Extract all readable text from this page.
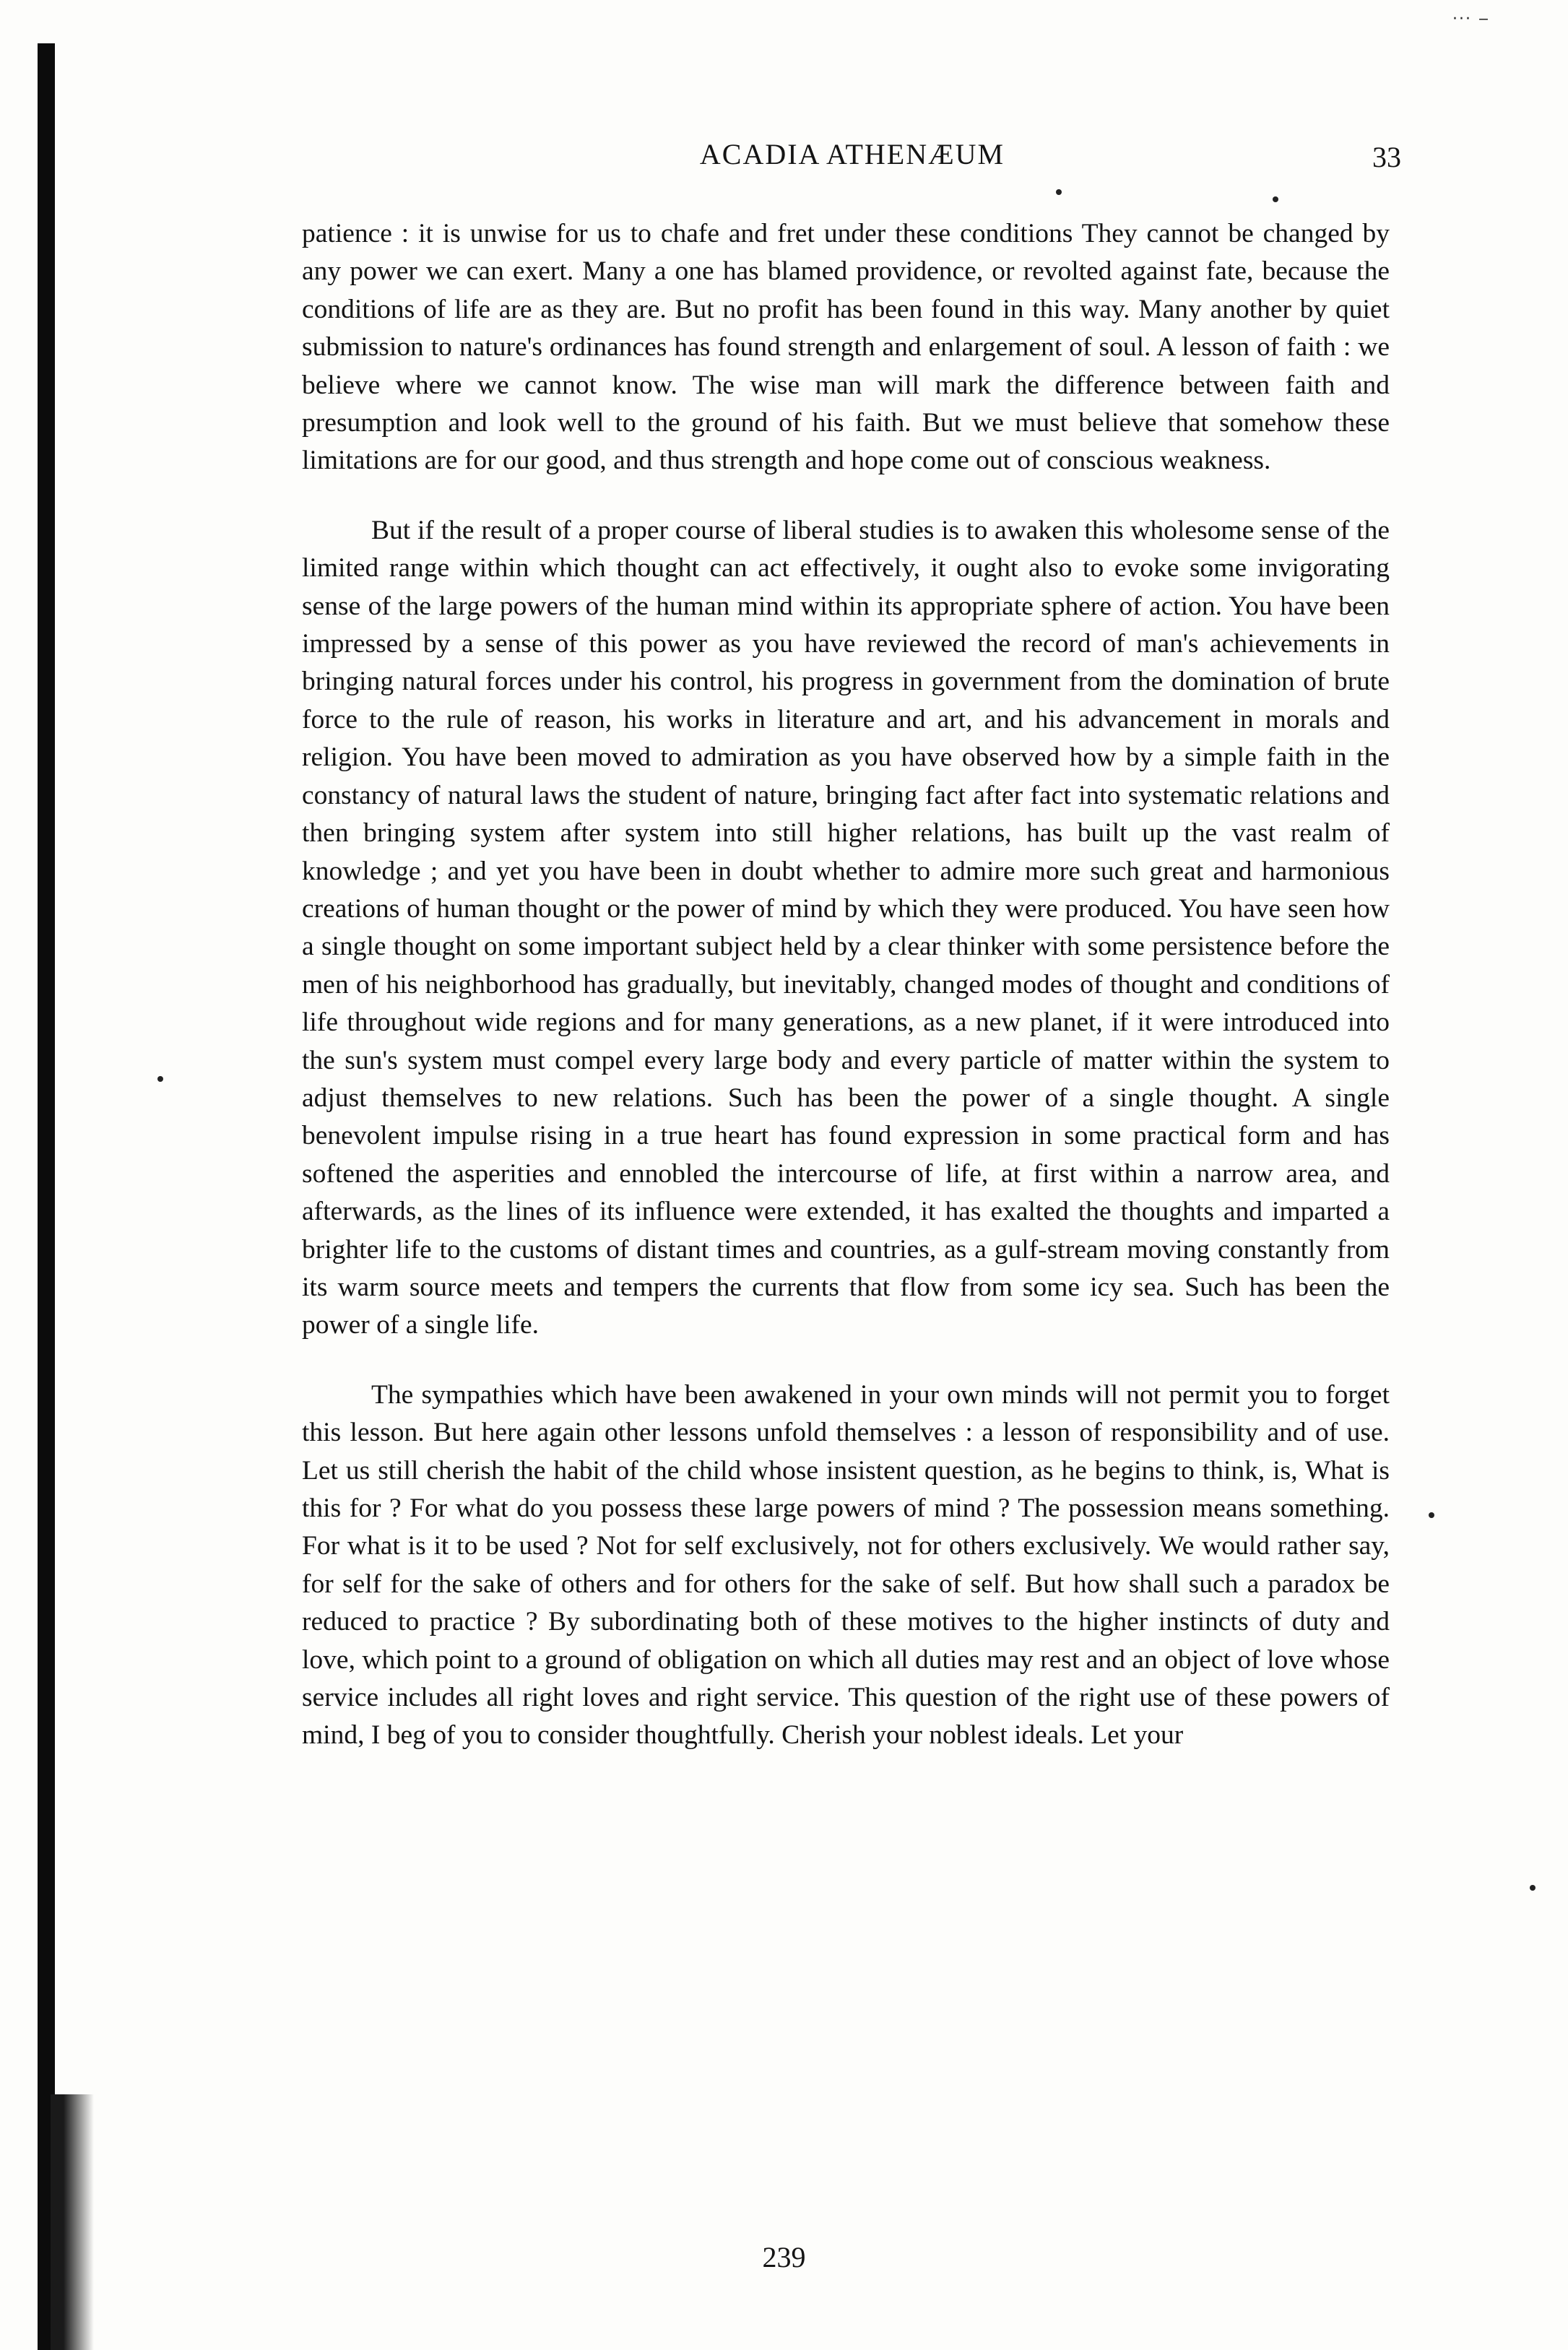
··· ‒
ACADIA ATHENÆUM	33

patience : it is unwise for us to chafe and fret under these conditions They cannot be changed by any power we can exert. Many a one has blamed providence, or revolted against fate, because the conditions of life are as they are. But no profit has been found in this way. Many another by quiet submission to nature's ordinances has found strength and enlargement of soul. A lesson of faith : we believe where we cannot know. The wise man will mark the difference between faith and presumption and look well to the ground of his faith. But we must believe that somehow these limitations are for our good, and thus strength and hope come out of conscious weakness.

But if the result of a proper course of liberal studies is to awaken this wholesome sense of the limited range within which thought can act effectively, it ought also to evoke some invigorating sense of the large powers of the human mind within its appropriate sphere of action. You have been impressed by a sense of this power as you have reviewed the record of man's achievements in bringing natural forces under his control, his progress in government from the domination of brute force to the rule of reason, his works in literature and art, and his advancement in morals and religion. You have been moved to admiration as you have observed how by a simple faith in the constancy of natural laws the student of nature, bringing fact after fact into systematic relations and then bringing system after system into still higher relations, has built up the vast realm of knowledge ; and yet you have been in doubt whether to admire more such great and harmonious creations of human thought or the power of mind by which they were produced. You have seen how a single thought on some important subject held by a clear thinker with some persistence before the men of his neighborhood has gradually, but inevitably, changed modes of thought and conditions of life throughout wide regions and for many generations, as a new planet, if it were introduced into the sun's system must compel every large body and every particle of matter within the system to adjust themselves to new relations. Such has been the power of a single thought. A single benevolent impulse rising in a true heart has found expression in some practical form and has softened the asperities and ennobled the intercourse of life, at first within a narrow area, and afterwards, as the lines of its influence were extended, it has exalted the thoughts and imparted a brighter life to the customs of distant times and countries, as a gulf-stream moving constantly from its warm source meets and tempers the currents that flow from some icy sea. Such has been the power of a single life.

The sympathies which have been awakened in your own minds will not permit you to forget this lesson. But here again other lessons unfold themselves : a lesson of responsibility and of use. Let us still cherish the habit of the child whose insistent question, as he begins to think, is, What is this for ? For what do you possess these large powers of mind ? The possession means something. For what is it to be used ? Not for self exclusively, not for others exclusively. We would rather say, for self for the sake of others and for others for the sake of self. But how shall such a paradox be reduced to practice ? By subordinating both of these motives to the higher instincts of duty and love, which point to a ground of obligation on which all duties may rest and an object of love whose service includes all right loves and right service. This question of the right use of these powers of mind, I beg of you to consider thoughtfully. Cherish your noblest ideals. Let your

239
